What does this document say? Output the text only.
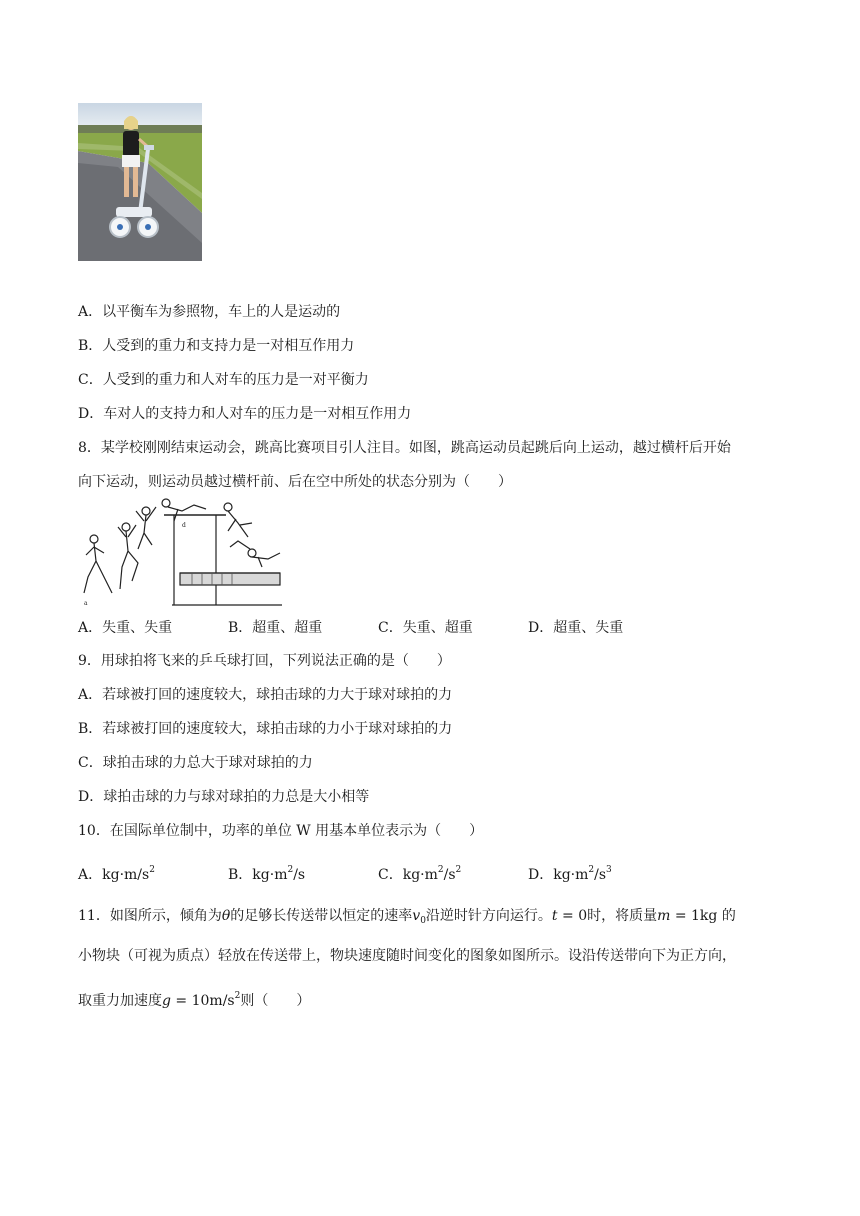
A．以平衡车为参照物，车上的人是运动的
B．人受到的重力和支持力是一对相互作用力
C．人受到的重力和人对车的压力是一对平衡力
D．车对人的支持力和人对车的压力是一对相互作用力
8．某学校刚刚结束运动会，跳高比赛项目引人注目。如图，跳高运动员起跳后向上运动，越过横杆后开始
向下运动，则运动员越过横杆前、后在空中所处的状态分别为（　　）
a
d
A．失重、失重	B．超重、超重	C．失重、超重	D．超重、失重
9．用球拍将飞来的乒乓球打回，下列说法正确的是（　　）
A．若球被打回的速度较大，球拍击球的力大于球对球拍的力
B．若球被打回的速度较大，球拍击球的力小于球对球拍的力
C．球拍击球的力总大于球对球拍的力
D．球拍击球的力与球对球拍的力总是大小相等
10．在国际单位制中，功率的单位 W 用基本单位表示为（　　）
A．$kg\cdot m/s^2$	B．$kg\cdot m^2/s$	C．$kg\cdot m^2/s^2$	D．$kg\cdot m^2/s^3$
11．如图所示，倾角为θ的足够长传送带以恒定的速率$v_0$沿逆时针方向运行。t = 0时，将质量m = 1kg 的
小物块（可视为质点）轻放在传送带上，物块速度随时间变化的图象如图所示。设沿传送带向下为正方向，
取重力加速度$g = 10m/s^2$则（　　）
